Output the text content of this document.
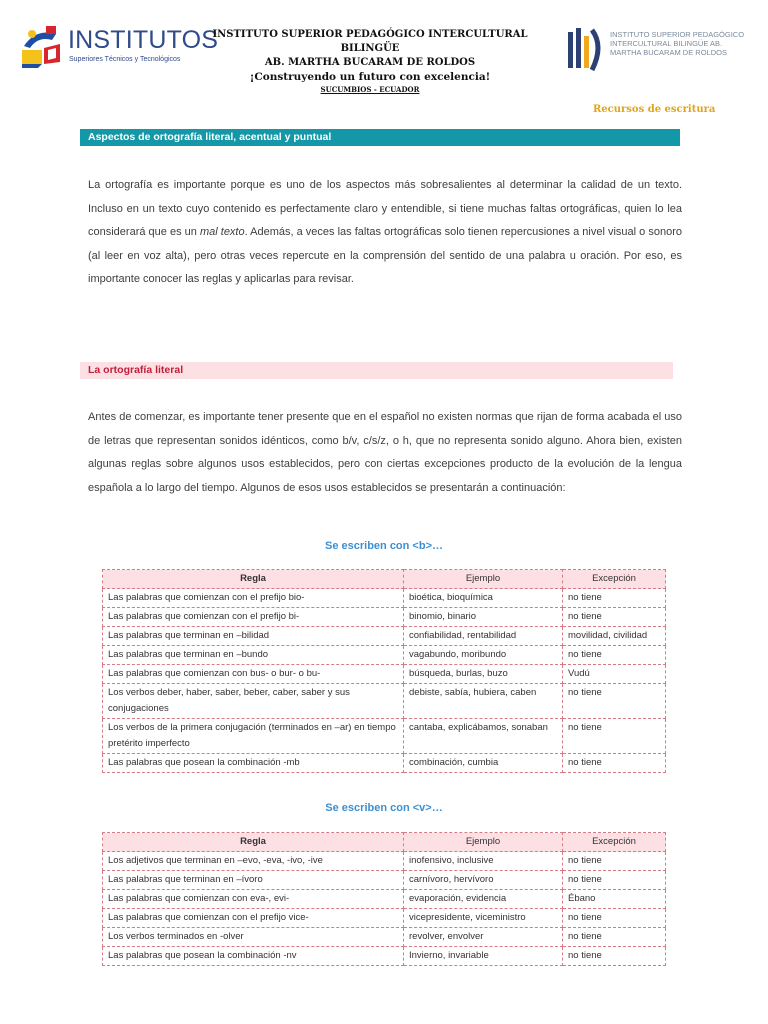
INSTITUTOS
Superiores Técnicos y Tecnológicos
INSTITUTO SUPERIOR PEDAGÓGICO INTERCULTURAL BILINGÜE
AB. MARTHA BUCARAM DE ROLDOS
¡Construyendo un futuro con excelencia!
SUCUMBIOS - ECUADOR
INSTITUTO SUPERIOR PEDAGÓGICO INTERCULTURAL BILINGÜE AB. MARTHA BUCARAM DE ROLDOS
Recursos de escritura
Aspectos de ortografía literal, acentual y puntual
La ortografía es importante porque es uno de los aspectos más sobresalientes al determinar la calidad de un texto. Incluso en un texto cuyo contenido es perfectamente claro y entendible, si tiene muchas faltas ortográficas, quien lo lea considerará que es un mal texto. Además, a veces las faltas ortográficas solo tienen repercusiones a nivel visual o sonoro (al leer en voz alta), pero otras veces repercute en la comprensión del sentido de una palabra u oración. Por eso, es importante conocer las reglas y aplicarlas para revisar.
La ortografía literal
Antes de comenzar, es importante tener presente que en el español no existen normas que rijan de forma acabada el uso de letras que representan sonidos idénticos, como b/v, c/s/z, o h, que no representa sonido alguno. Ahora bien, existen algunas reglas sobre algunos usos establecidos, pero con ciertas excepciones producto de la evolución de la lengua española a lo largo del tiempo. Algunos de esos usos establecidos se presentarán a continuación:
Se escriben con <b>…
Regla	Ejemplo	Excepción
Las palabras que comienzan con el prefijo bio-	bioética, bioquímica	no tiene
Las palabras que comienzan con el prefijo bi-	binomio, binario	no tiene
Las palabras que terminan en –bilidad	confiabilidad, rentabilidad	movilidad, civilidad
Las palabras que terminan en –bundo	vagabundo, moribundo	no tiene
Las palabras que comienzan con bus- o bur- o bu-	búsqueda, burlas, buzo	Vudú
Los verbos deber, haber, saber, beber, caber, saber y sus conjugaciones	debiste, sabía, hubiera, caben	no tiene
Los verbos de la primera conjugación (terminados en –ar) en tiempo pretérito imperfecto	cantaba, explicábamos, sonaban	no tiene
Las palabras que posean la combinación -mb	combinación, cumbia	no tiene
Se escriben con <v>…
Regla	Ejemplo	Excepción
Los adjetivos que terminan en –evo, -eva, -ivo, -ive	inofensivo, inclusive	no tiene
Las palabras que terminan en –ívoro	carnívoro, hervívoro	no tiene
Las palabras que comienzan con eva-, evi-	evaporación, evidencia	Ébano
Las palabras que comienzan con el prefijo vice-	vicepresidente, viceministro	no tiene
Los verbos terminados en -olver	revolver, envolver	no tiene
Las palabras que posean la combinación -nv	Invierno, invariable	no tiene
